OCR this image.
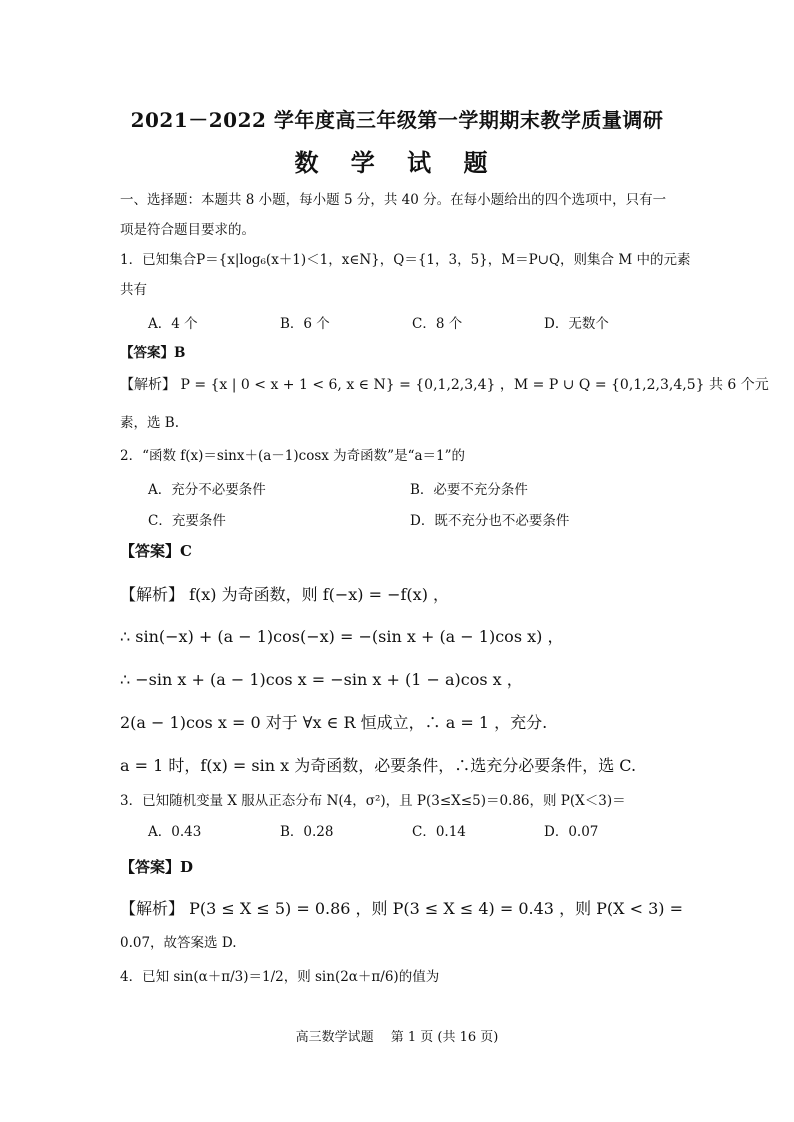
2021－2022 学年度高三年级第一学期期末教学质量调研
数 学 试 题
一、选择题：本题共 8 小题，每小题 5 分，共 40 分。在每小题给出的四个选项中，只有一
项是符合题目要求的。
1．已知集合P＝{x|log₆(x＋1)＜1，x∈N}，Q＝{1，3，5}，M＝P∪Q，则集合 M 中的元素
共有
A．4 个	B．6 个	C．8 个	D．无数个
【答案】B
【解析】 P = {x | 0 < x + 1 < 6, x ∈ N} = {0,1,2,3,4} ，M = P ∪ Q = {0,1,2,3,4,5} 共 6 个元
素，选 B.
2．“函数 f(x)＝sinx＋(a－1)cosx 为奇函数”是“a＝1”的
A．充分不必要条件	B．必要不充分条件
C．充要条件	D．既不充分也不必要条件
【答案】C
【解析】 f(x) 为奇函数，则 f(−x) = −f(x) ，
∴ sin(−x) + (a − 1)cos(−x) = −(sin x + (a − 1)cos x) ，
∴ −sin x + (a − 1)cos x = −sin x + (1 − a)cos x ，
2(a − 1)cos x = 0 对于 ∀x ∈ R 恒成立，∴ a = 1 ，充分.
a = 1 时，f(x) = sin x 为奇函数，必要条件，∴选充分必要条件，选 C.
3．已知随机变量 X 服从正态分布 N(4，σ²)，且 P(3≤X≤5)＝0.86，则 P(X＜3)＝
A．0.43	B．0.28	C．0.14	D．0.07
【答案】D
【解析】 P(3 ≤ X ≤ 5) = 0.86 ，则 P(3 ≤ X ≤ 4) = 0.43 ，则 P(X < 3) =
0.07，故答案选 D.
4．已知 sin(α＋π/3)＝1/2，则 sin(2α＋π/6)的值为
高三数学试题　 第 1 页 (共 16 页)
